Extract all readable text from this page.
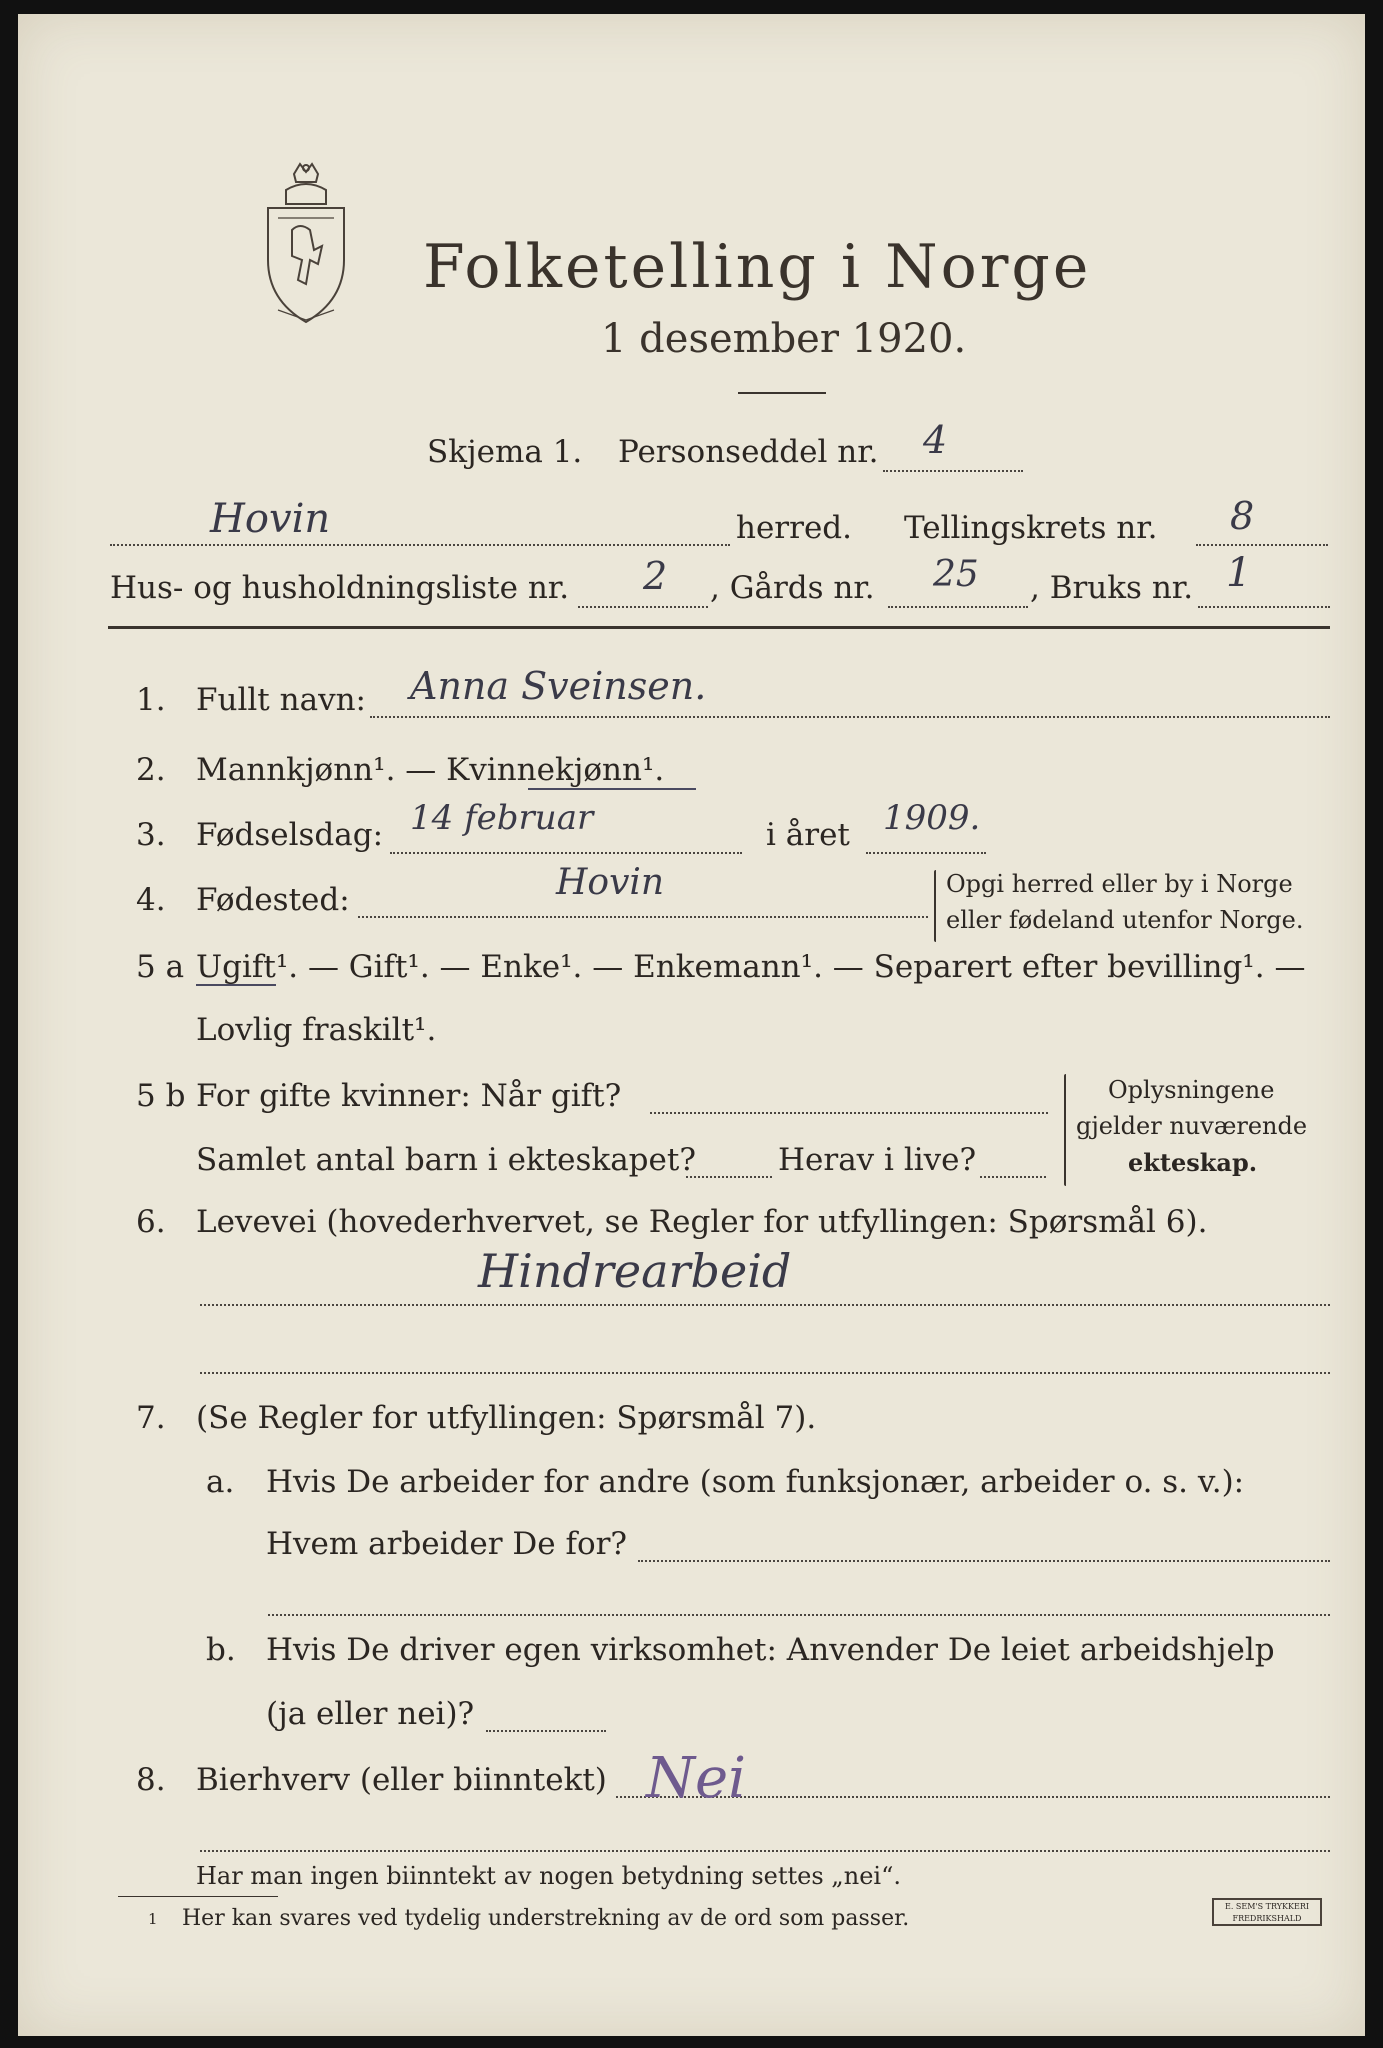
Folketelling i Norge
1 desember 1920.
Skjema 1. Personseddel nr. 4
Hovin	herred. Tellingskrets nr. 8
Hus- og husholdningsliste nr. 2 , Gårds nr. 25 , Bruks nr. 1
1. Fullt navn: Anna Sveinsen.
2. Mannkjønn¹. — Kvinnekjønn¹.
3. Fødselsdag: 14 februar	i året 1909.
4. Fødested:	Hovin	Opgi herred eller by i Norge
eller fødeland utenfor Norge.
5 a Ugift¹. — Gift¹. — Enke¹. — Enkemann¹. — Separert efter bevilling¹. —
Lovlig fraskilt¹.
5 b For gifte kvinner: Når gift?
Samlet antal barn i ekteskapet?	Herav i live?
Oplysningene
gjelder nuværende
ekteskap.
6. Levevei (hovederhvervet, se Regler for utfyllingen: Spørsmål 6).
Hindrearbeid
7. (Se Regler for utfyllingen: Spørsmål 7).
a. Hvis De arbeider for andre (som funksjonær, arbeider o. s. v.):
Hvem arbeider De for?
b. Hvis De driver egen virksomhet: Anvender De leiet arbeidshjelp
(ja eller nei)?
8. Bierhverv (eller biinntekt) Nei
Har man ingen biinntekt av nogen betydning settes „nei“.
1 Her kan svares ved tydelig understrekning av de ord som passer.	E. SEM'S TRYKKERI FREDRIKSHALD
